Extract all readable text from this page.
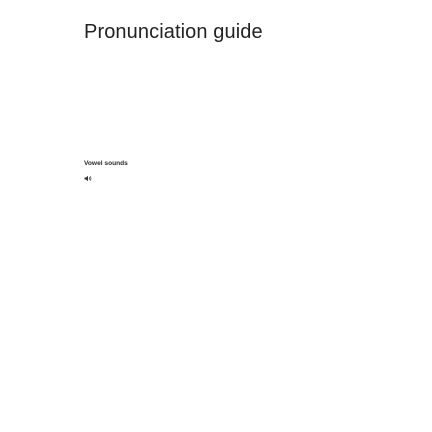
Pronunciation guide

Vowel sounds
